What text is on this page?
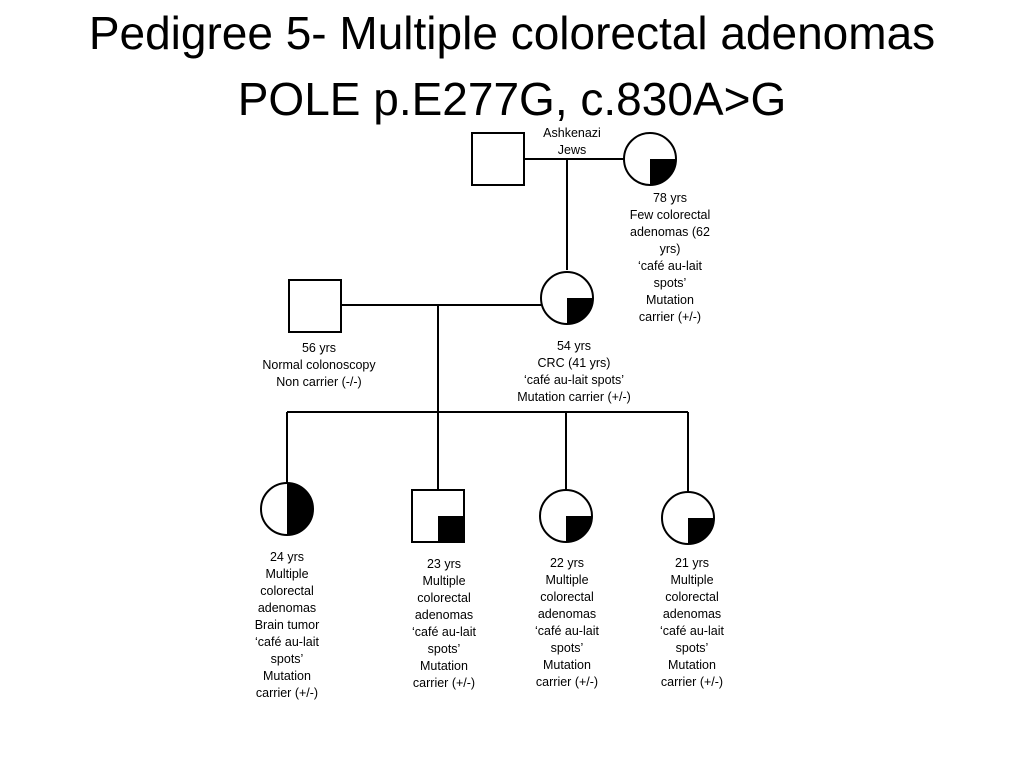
Pedigree 5- Multiple colorectal adenomas
POLE p.E277G, c.830A>G
Ashkenazi
Jews
78 yrs
Few colorectal
adenomas (62
yrs)
‘café au-lait
spots’
Mutation
carrier (+/-)
56 yrs
Normal colonoscopy
Non carrier (-/-)
54 yrs
CRC (41 yrs)
‘café au-lait spots’
Mutation carrier (+/-)
24 yrs
Multiple
colorectal
adenomas
Brain tumor
‘café au-lait
spots’
Mutation
carrier (+/-)
23 yrs
Multiple
colorectal
adenomas
‘café au-lait
spots’
Mutation
carrier (+/-)
22 yrs
Multiple
colorectal
adenomas
‘café au-lait
spots’
Mutation
carrier (+/-)
21 yrs
Multiple
colorectal
adenomas
‘café au-lait
spots’
Mutation
carrier (+/-)
